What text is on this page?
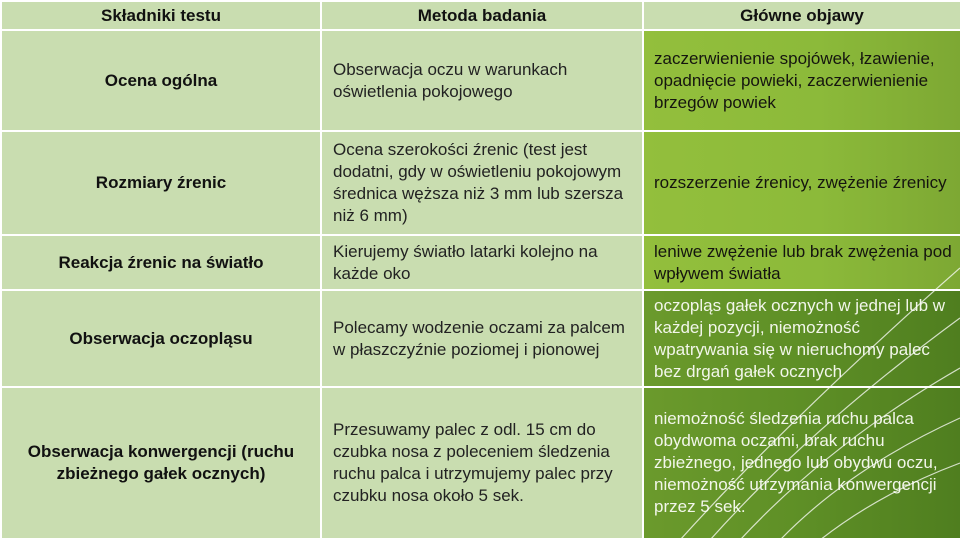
Składniki testu	Metoda badania	Główne objawy
Ocena ogólna	Obserwacja oczu w warunkach oświetlenia pokojowego	zaczerwienienie spojówek, łzawienie, opadnięcie powieki, zaczerwienienie brzegów powiek
Rozmiary źrenic	Ocena szerokości źrenic (test jest dodatni, gdy w oświetleniu pokojowym średnica węższa niż 3 mm lub szersza niż 6 mm)	rozszerzenie źrenicy, zwężenie źrenicy
Reakcja źrenic na światło	Kierujemy światło latarki kolejno na każde oko	leniwe zwężenie lub brak zwężenia pod wpływem światła
Obserwacja oczopląsu	Polecamy wodzenie oczami za palcem w płaszczyźnie poziomej i pionowej	oczopląs gałek ocznych w jednej lub w każdej pozycji, niemożność wpatrywania się w nieruchomy palec bez drgań gałek ocznych
Obserwacja konwergencji (ruchu zbieżnego gałek ocznych)	Przesuwamy palec z odl. 15 cm do czubka nosa z poleceniem śledzenia ruchu palca i utrzymujemy palec przy czubku nosa około 5 sek.	niemożność śledzenia ruchu palca obydwoma oczami, brak ruchu zbieżnego, jednego lub obydwu oczu, niemożność utrzymania konwergencji przez 5 sek.
